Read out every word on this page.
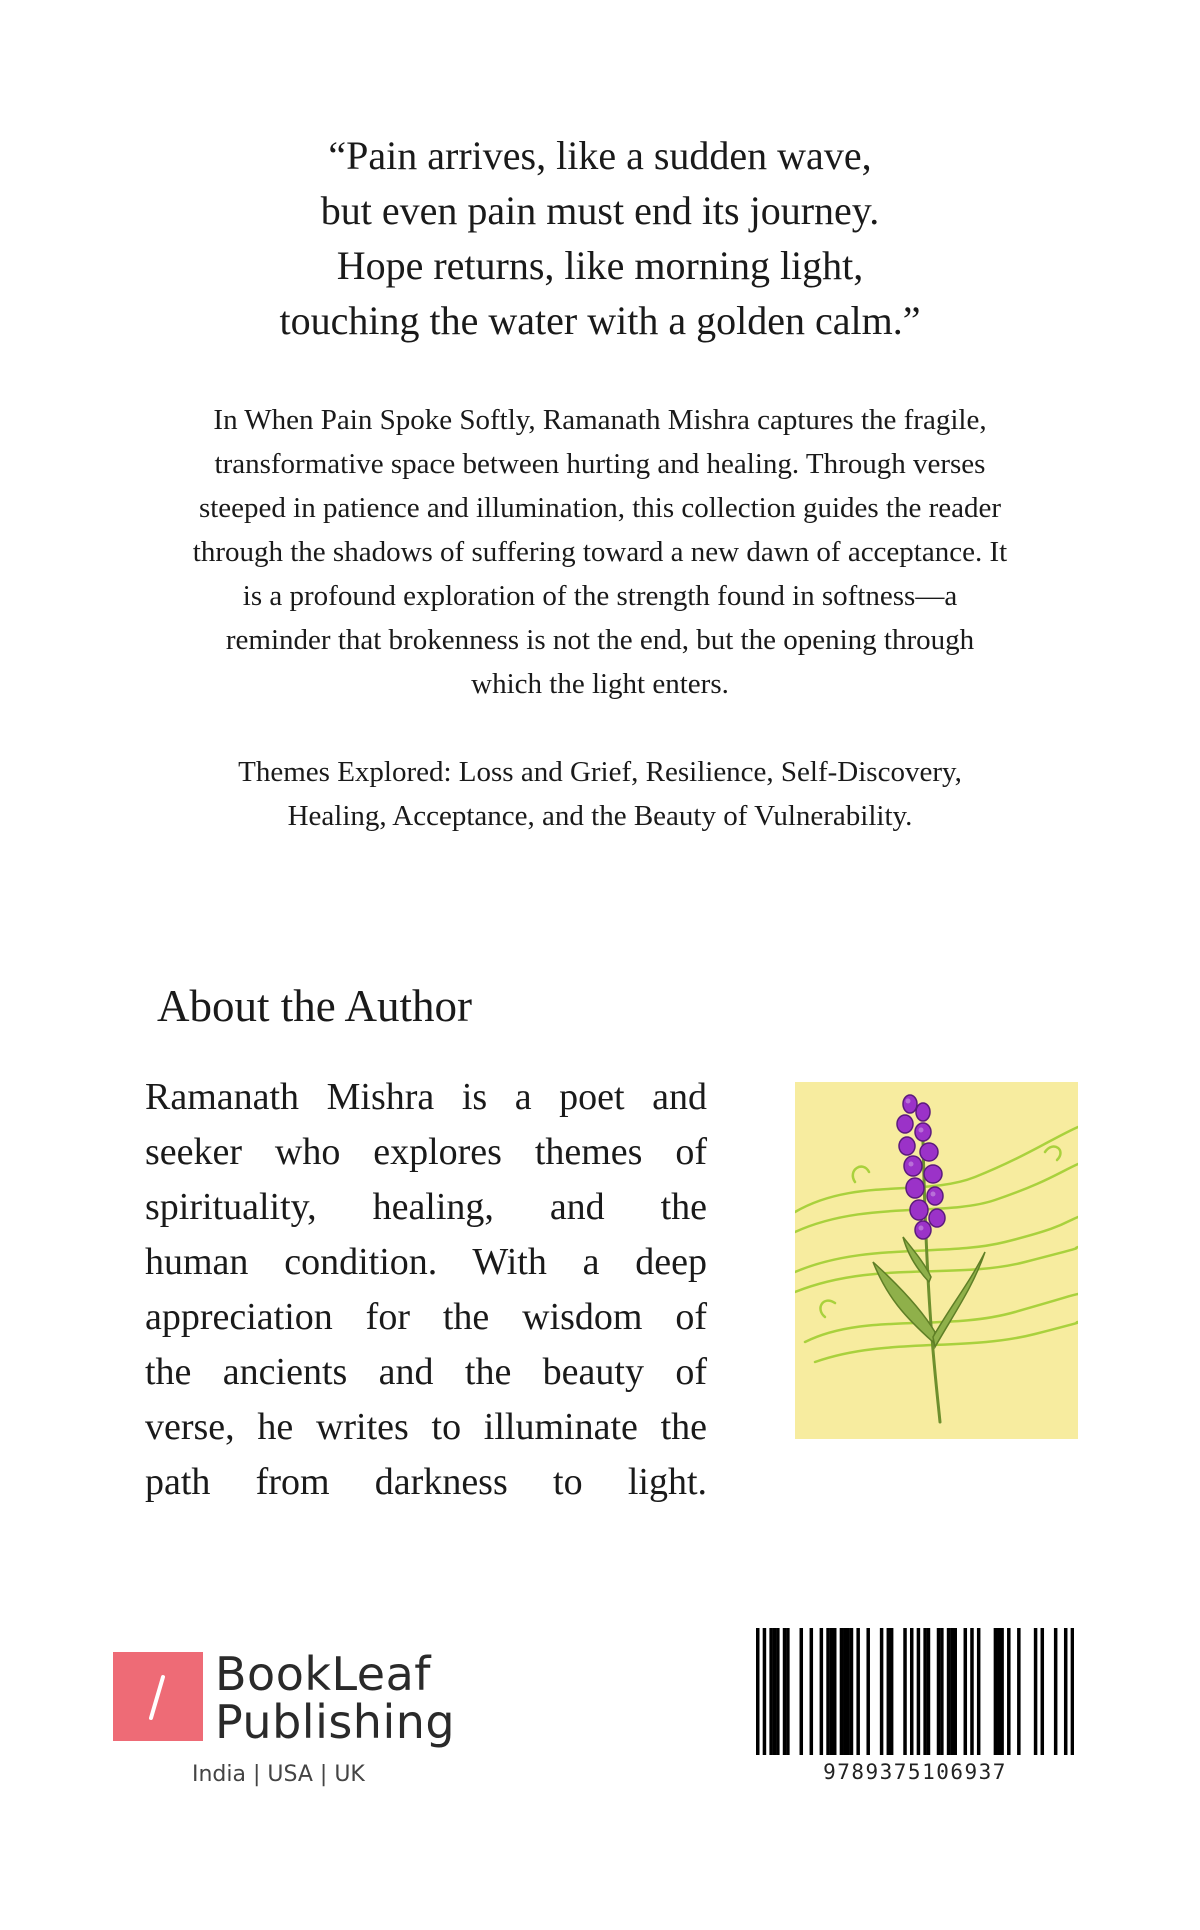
“Pain arrives, like a sudden wave,
but even pain must end its journey.
Hope returns, like morning light,
touching the water with a golden calm.”
In When Pain Spoke Softly, Ramanath Mishra captures the fragile,
transformative space between hurting and healing. Through verses
steeped in patience and illumination, this collection guides the reader
through the shadows of suffering toward a new dawn of acceptance. It
is a profound exploration of the strength found in softness—a
reminder that brokenness is not the end, but the opening through
which the light enters.
Themes Explored: Loss and Grief, Resilience, Self-Discovery,
Healing, Acceptance, and the Beauty of Vulnerability.
About the Author
Ramanath Mishra is a poet and
seeker who explores themes of
spirituality, healing, and the
human condition. With a deep
appreciation for the wisdom of
the ancients and the beauty of
verse, he writes to illuminate the
path from darkness to light.
BookLeaf
Publishing
India | USA | UK	9789375106937
